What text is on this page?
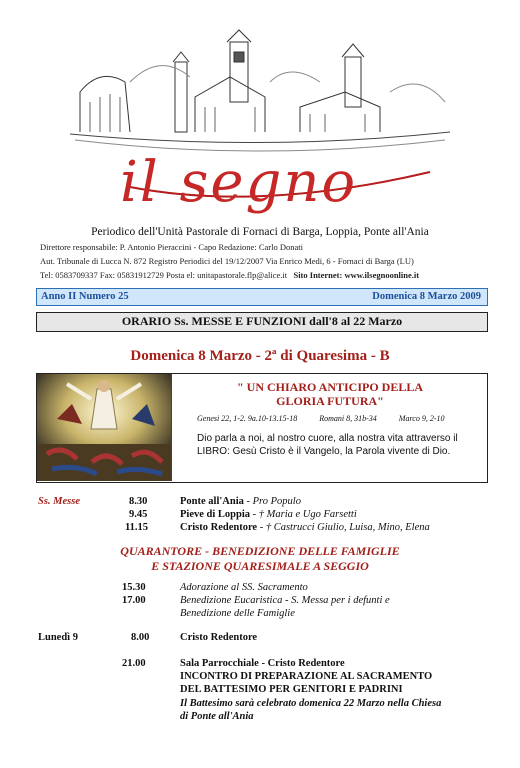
il segno
Periodico dell'Unità Pastorale di Fornaci di Barga, Loppia, Ponte all'Ania
Direttore responsabile: P. Antonio Pieraccini - Capo Redazione: Carlo Donati
Aut. Tribunale di Lucca N. 872 Registro Periodici del 19/12/2007 Via Enrico Medi, 6 - Fornaci di Barga (LU)
Tel: 0583709337 Fax: 05831912729 Posta el: unitapastorale.flp@alice.it Sito Internet: www.ilsegnoonline.it
Anno II Numero 25	Domenica 8 Marzo 2009
ORARIO Ss. MESSE E FUNZIONI dall'8 al 22 Marzo
Domenica 8 Marzo - 2ª di Quaresima - B
" UN CHIARO ANTICIPO DELLA
GLORIA FUTURA"
Genesi 22, 1-2. 9a.10-13.15-18	Romani 8, 31b-34	Marco 9, 2-10
Dio parla a noi, al nostro cuore, alla nostra vita attraverso il LIBRO: Gesù Cristo è il Vangelo, la Parola vivente di Dio.
Ss. Messe	8.30	Ponte all'Ania - Pro Populo
9.45	Pieve di Loppia - † Maria e Ugo Farsetti
11.15	Cristo Redentore - † Castrucci Giulio, Luisa, Mino, Elena
QUARANTORE - BENEDIZIONE DELLE FAMIGLIE
E STAZIONE QUARESIMALE A SEGGIO
15.30	Adorazione al SS. Sacramento
17.00	Benedizione Eucaristica - S. Messa per i defunti e
Benedizione delle Famiglie
Lunedì 9	8.00	Cristo Redentore
21.00	Sala Parrocchiale - Cristo Redentore
INCONTRO DI PREPARAZIONE AL SACRAMENTO
DEL BATTESIMO PER GENITORI E PADRINI
Il Battesimo sarà celebrato domenica 22 Marzo nella Chiesa
di Ponte all'Ania
